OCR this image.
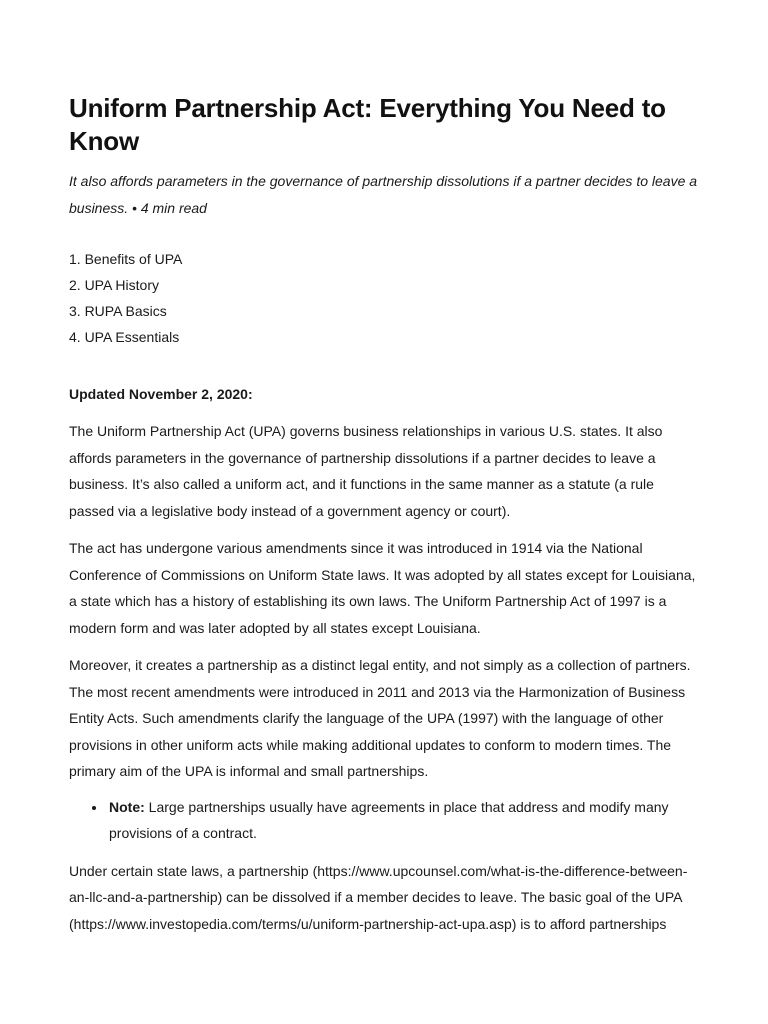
Uniform Partnership Act: Everything You Need to Know

It also affords parameters in the governance of partnership dissolutions if a partner decides to leave a business. • 4 min read

1. Benefits of UPA
2. UPA History
3. RUPA Basics
4. UPA Essentials

Updated November 2, 2020:

The Uniform Partnership Act (UPA) governs business relationships in various U.S. states. It also affords parameters in the governance of partnership dissolutions if a partner decides to leave a business. It’s also called a uniform act, and it functions in the same manner as a statute (a rule passed via a legislative body instead of a government agency or court).

The act has undergone various amendments since it was introduced in 1914 via the National Conference of Commissions on Uniform State laws. It was adopted by all states except for Louisiana, a state which has a history of establishing its own laws. The Uniform Partnership Act of 1997 is a modern form and was later adopted by all states except Louisiana.

Moreover, it creates a partnership as a distinct legal entity, and not simply as a collection of partners. The most recent amendments were introduced in 2011 and 2013 via the Harmonization of Business Entity Acts. Such amendments clarify the language of the UPA (1997) with the language of other provisions in other uniform acts while making additional updates to conform to modern times. The primary aim of the UPA is informal and small partnerships.

• Note: Large partnerships usually have agreements in place that address and modify many provisions of a contract.

Under certain state laws, a partnership (https://www.upcounsel.com/what-is-the-difference-between-an-llc-and-a-partnership) can be dissolved if a member decides to leave. The basic goal of the UPA (https://www.investopedia.com/terms/u/uniform-partnership-act-upa.asp) is to afford partnerships
